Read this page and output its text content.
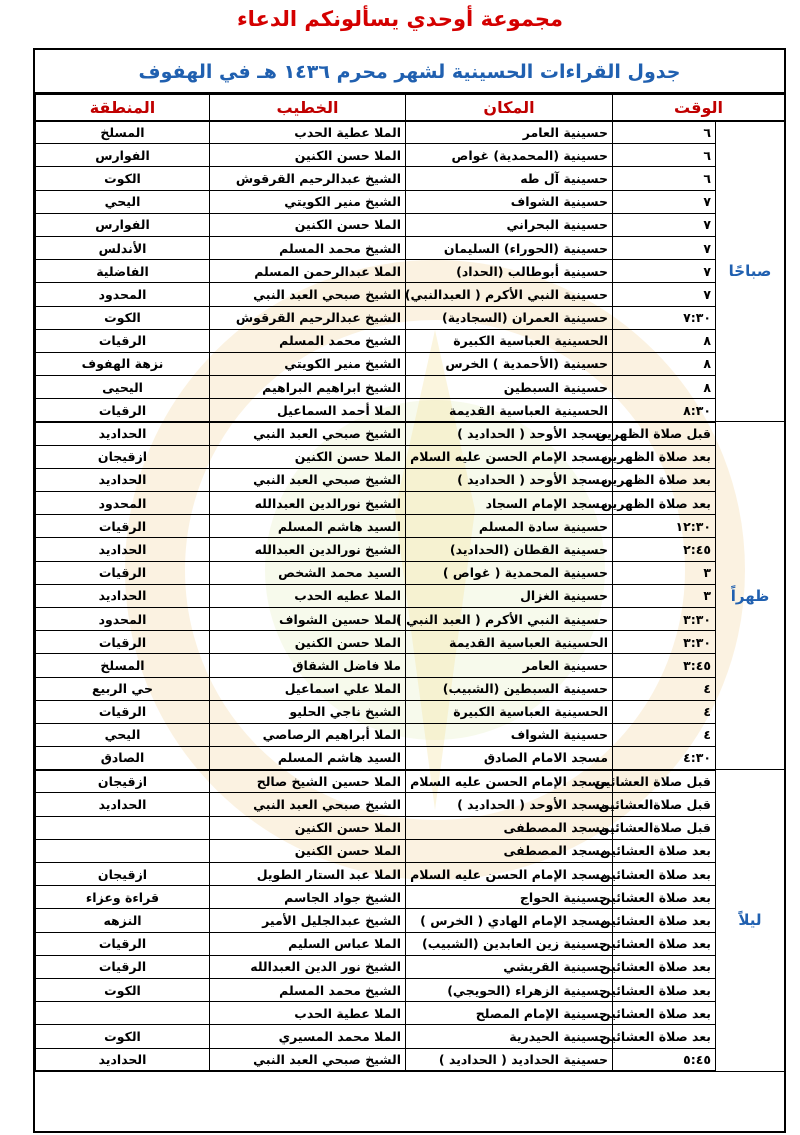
مجموعة أوحدي يسألونكم الدعاء
جدول القراءات الحسينية لشهر محرم ١٤٣٦ هـ في الهفوف
الوقت		المكان	الخطيب	المنطقة
صباحًا	٦	حسينية العامر	الملا عطية الحدب	المسلخ
	٦	حسينية (المحمدية) غواص	الملا حسن الكنين	الفوارس
	٦	حسينية آل طه	الشيخ عبدالرحيم القرقوش	الكوت
	٧	حسينية الشواف	الشيخ منير الكويتي	اليحي
	٧	حسينية البحراني	الملا حسن الكنين	الفوارس
	٧	حسينية (الحوراء) السليمان	الشيخ محمد المسلم	الأندلس
	٧	حسينية أبوطالب (الحداد)	الملا عبدالرحمن المسلم	الفاضلية
	٧	حسينية النبي الأكرم ( العبدالنبي)	الشيخ صبحي العبد النبي	المحدود
	٧:٣٠	حسينية العمران (السجادية)	الشيخ عبدالرحيم القرقوش	الكوت
	٨	الحسينية العباسية الكبيرة	الشيخ محمد المسلم	الرقيات
	٨	حسينية (الأحمدية ) الخرس	الشيخ منير الكويتي	نزهة الهفوف
	٨	حسينية السبطين	الشيخ ابراهيم البراهيم	اليحيى
	٨:٣٠	الحسينية العباسية القديمة	الملا أحمد السماعيل	الرقيات
ظهراً	قبل صلاة الظهرين	مسجد الأوحد ( الحداديد )	الشيخ صبحي العبد النبي	الحداديد
	بعد صلاة الظهرين	مسجد الإمام الحسن عليه السلام	الملا حسن الكنين	ازقيجان
	بعد صلاة الظهرين	مسجد الأوحد ( الحداديد )	الشيخ صبحي العبد النبي	الحداديد
	بعد صلاة الظهرين	مسجد الإمام السجاد	الشيخ نورالدين العبدالله	المحدود
	١٢:٣٠	حسينية سادة المسلم	السيد هاشم المسلم	الرقيات
	٢:٤٥	حسينية القطان (الحداديد)	الشيخ نورالدين العبدالله	الحداديد
	٣	حسينية المحمدية ( غواص )	السيد محمد الشخص	الرقيات
	٣	حسينية الغزال	الملا عطيه الحدب	الحداديد
	٣:٣٠	حسينية النبي الأكرم ( العبد النبي )	الملا حسين الشواف	المحدود
	٣:٣٠	الحسينية العباسية القديمة	الملا حسن الكنين	الرقيات
	٣:٤٥	حسينية العامر	ملا فاضل الشقاق	المسلخ
	٤	حسينية السبطين (الشبيب)	الملا علي اسماعيل	حي الربيع
	٤	الحسينية العباسية الكبيرة	الشيخ ناجي الحليو	الرقيات
	٤	حسينية الشواف	الملا أبراهيم الرصاصي	اليحي
	٤:٣٠	مسجد الامام الصادق	السيد هاشم المسلم	الصادق
ليلاً	قبل صلاة العشائين	مسجد الإمام الحسن عليه السلام	الملا حسين الشيخ صالح	ازقيجان
	قبل صلاةالعشائين	مسجد الأوحد ( الحداديد )	الشيخ صبحي العبد النبي	الحداديد
	قبل صلاةالعشائين	مسجد المصطفى	الملا حسن الكنين	
	بعد صلاة العشائين	مسجد المصطفى	الملا حسن الكنين	
	بعد صلاة العشائين	مسجد الإمام الحسن عليه السلام	الملا عبد الستار الطويل	ازقيجان
	بعد صلاة العشائين	حسينية الحواج	الشيخ جواد الجاسم	قراءة وعزاء
	بعد صلاة العشائين	مسجد الإمام الهادي ( الخرس )	الشيخ عبدالجليل الأمير	النزهه
	بعد صلاة العشائين	حسينية زين العابدين (الشبيب)	الملا عباس السليم	الرقيات
	بعد صلاة العشائين	حسينية القريشي	الشيخ نور الدين العبدالله	الرقيات
	بعد صلاة العشائين	حسينية الزهراء (الحويجي)	الشيخ محمد المسلم	الكوت
	بعد صلاة العشائين	حسينية الإمام المصلح	الملا عطية الحدب	
	بعد صلاة العشائين	حسينية الحيدرية	الملا محمد المسيري	الكوت
	٥:٤٥	حسينية الحداديد ( الحداديد )	الشيخ صبحي العبد النبي	الحداديد
